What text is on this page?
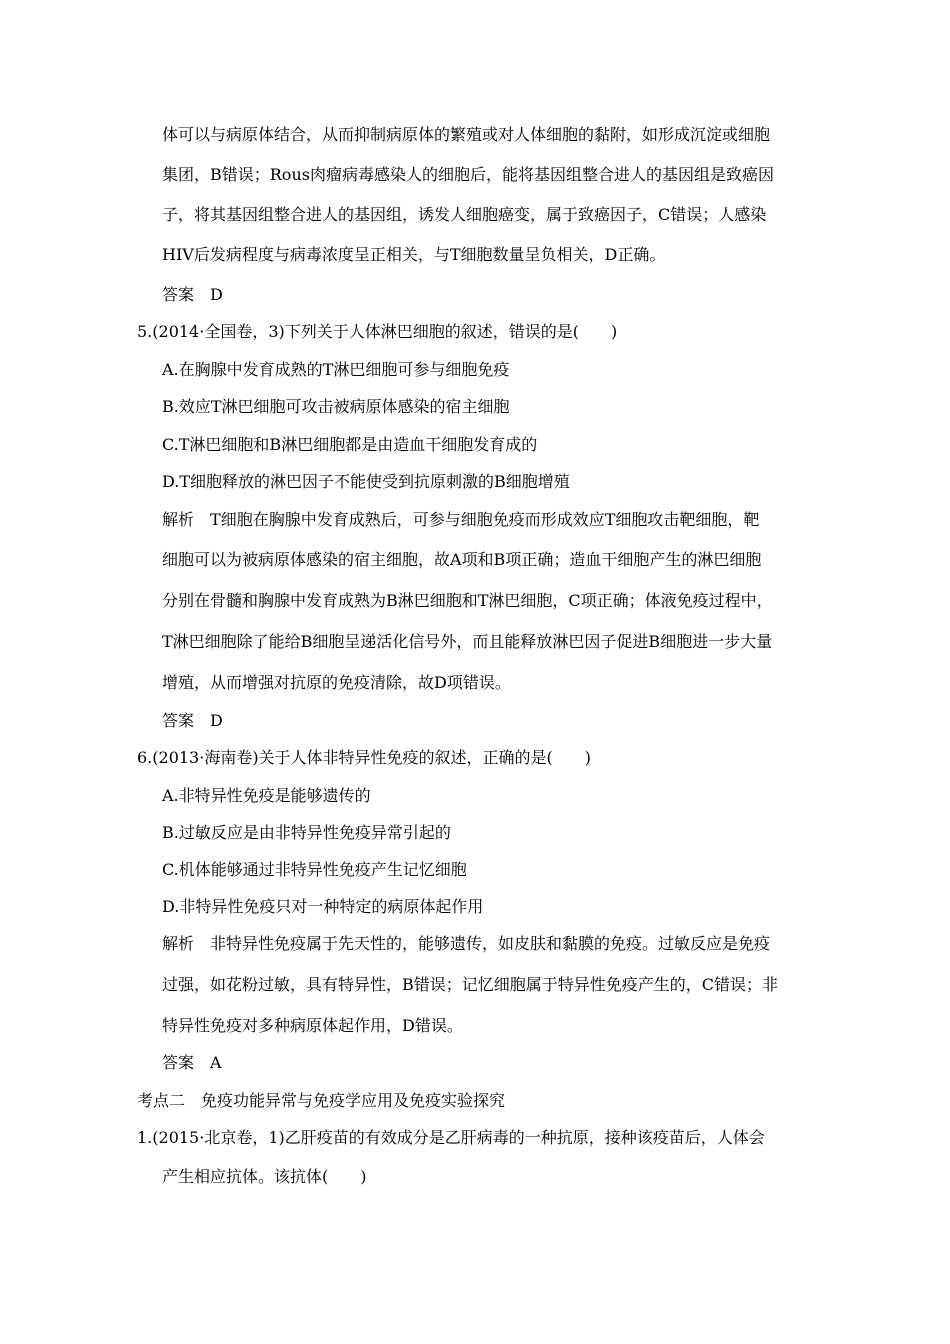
体可以与病原体结合，从而抑制病原体的繁殖或对人体细胞的黏附，如形成沉淀或细胞
集团，B错误；Rous肉瘤病毒感染人的细胞后，能将基因组整合进人的基因组是致癌因
子，将其基因组整合进人的基因组，诱发人细胞癌变，属于致癌因子，C错误；人感染
HIV后发病程度与病毒浓度呈正相关，与T细胞数量呈负相关，D正确。
答案 D
5.(2014·全国卷，3)下列关于人体淋巴细胞的叙述，错误的是(　　)
A.在胸腺中发育成熟的T淋巴细胞可参与细胞免疫
B.效应T淋巴细胞可攻击被病原体感染的宿主细胞
C.T淋巴细胞和B淋巴细胞都是由造血干细胞发育成的
D.T细胞释放的淋巴因子不能使受到抗原刺激的B细胞增殖
解析 T细胞在胸腺中发育成熟后，可参与细胞免疫而形成效应T细胞攻击靶细胞，靶
细胞可以为被病原体感染的宿主细胞，故A项和B项正确；造血干细胞产生的淋巴细胞
分别在骨髓和胸腺中发育成熟为B淋巴细胞和T淋巴细胞，C项正确；体液免疫过程中，
T淋巴细胞除了能给B细胞呈递活化信号外，而且能释放淋巴因子促进B细胞进一步大量
增殖，从而增强对抗原的免疫清除，故D项错误。
答案 D
6.(2013·海南卷)关于人体非特异性免疫的叙述，正确的是(　　)
A.非特异性免疫是能够遗传的
B.过敏反应是由非特异性免疫异常引起的
C.机体能够通过非特异性免疫产生记忆细胞
D.非特异性免疫只对一种特定的病原体起作用
解析 非特异性免疫属于先天性的，能够遗传，如皮肤和黏膜的免疫。过敏反应是免疫
过强，如花粉过敏，具有特异性，B错误；记忆细胞属于特异性免疫产生的，C错误；非
特异性免疫对多种病原体起作用，D错误。
答案 A
考点二　免疫功能异常与免疫学应用及免疫实验探究
1.(2015·北京卷，1)乙肝疫苗的有效成分是乙肝病毒的一种抗原，接种该疫苗后，人体会
产生相应抗体。该抗体(　　)
